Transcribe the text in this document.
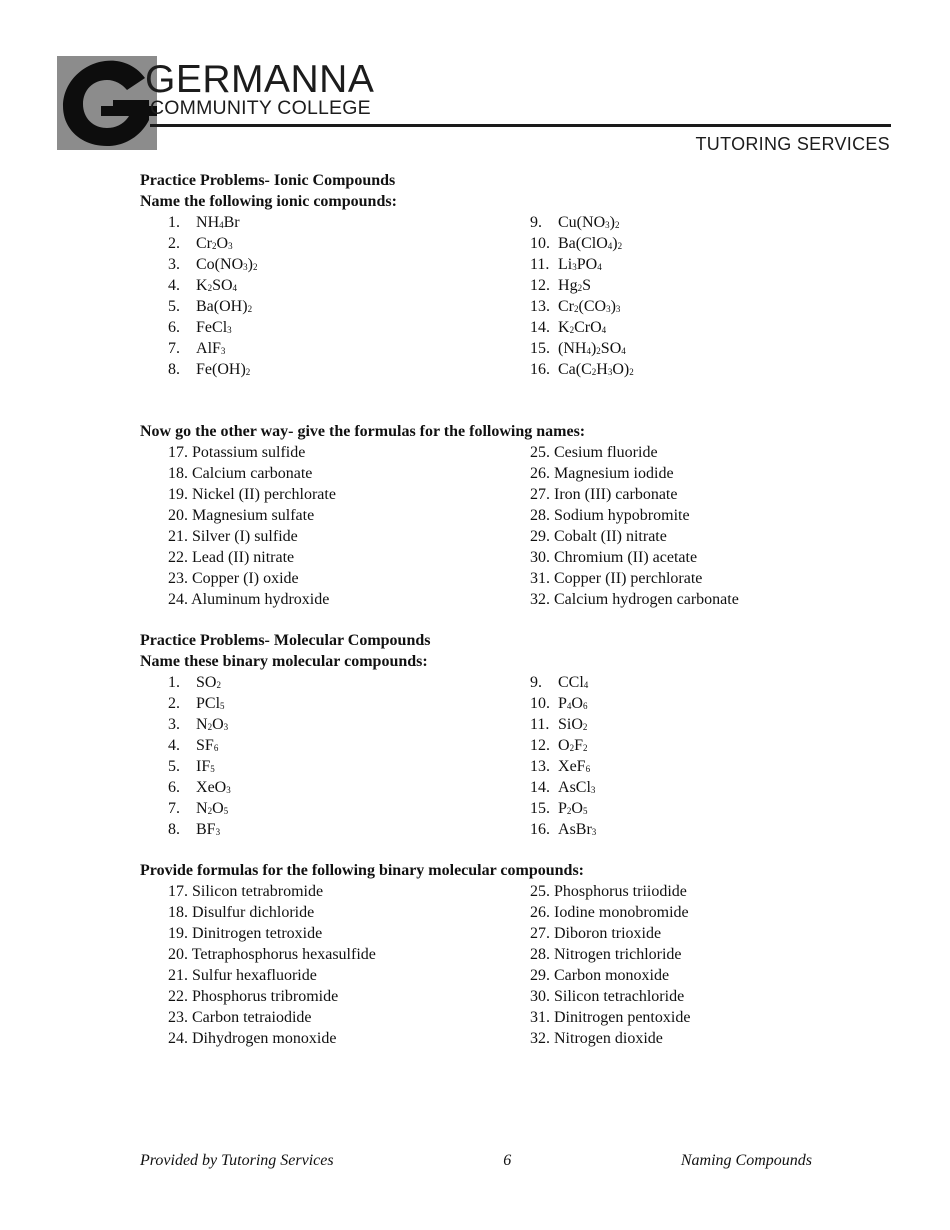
GERMANNA
COMMUNITY COLLEGE
TUTORING SERVICES

Practice Problems- Ionic Compounds

Name the following ionic compounds:

1.	$NH_4Br$
2.	$Cr_2O_3$
3.	$Co(NO_3)_2$
4.	$K_2SO_4$
5.	$Ba(OH)_2$
6.	FeCl$_3$
7.	AlF$_3$
8.	$Fe(OH)_2$
9.	$Cu(NO_3)_2$
10. $Ba(ClO_4)_2$
11. $Li_3PO_4$
12. $Hg_2S$
13. $Cr_2(CO_3)_3$
14. $K_2CrO_4$
15. $(NH_4)_2SO_4$
16. $Ca(C_2H_3O)_2$

Now go the other way- give the formulas for the following names:

17. Potassium sulfide
18. Calcium carbonate
19. Nickel (II) perchlorate
20. Magnesium sulfate
21. Silver (I) sulfide
22. Lead (II) nitrate
23. Copper (I) oxide
24. Aluminum hydroxide
25. Cesium fluoride
26. Magnesium iodide
27. Iron (III) carbonate
28. Sodium hypobromite
29. Cobalt (II) nitrate
30. Chromium (II) acetate
31. Copper (II) perchlorate
32. Calcium hydrogen carbonate

Practice Problems- Molecular Compounds

Name these binary molecular compounds:

1.	$SO_2$
2.	PCl$_5$
3.	$N_2O_3$
4.	$SF_6$
5.	$IF_5$
6.	XeO$_3$
7.	$N_2O_5$
8.	$BF_3$
9.	CCl$_4$
10. $P_4O_6$
11. SiO$_2$
12. $O_2F_2$
13. XeF$_6$
14. AsCl$_3$
15. $P_2O_5$
16. AsBr$_3$

Provide formulas for the following binary molecular compounds:

17. Silicon tetrabromide
18. Disulfur dichloride
19. Dinitrogen tetroxide
20. Tetraphosphorus hexasulfide
21. Sulfur hexafluoride
22. Phosphorus tribromide
23. Carbon tetraiodide
24. Dihydrogen monoxide
25. Phosphorus triiodide
26. Iodine monobromide
27. Diboron trioxide
28. Nitrogen trichloride
29. Carbon monoxide
30. Silicon tetrachloride
31. Dinitrogen pentoxide
32. Nitrogen dioxide
Provided by Tutoring Services	6	Naming Compounds
